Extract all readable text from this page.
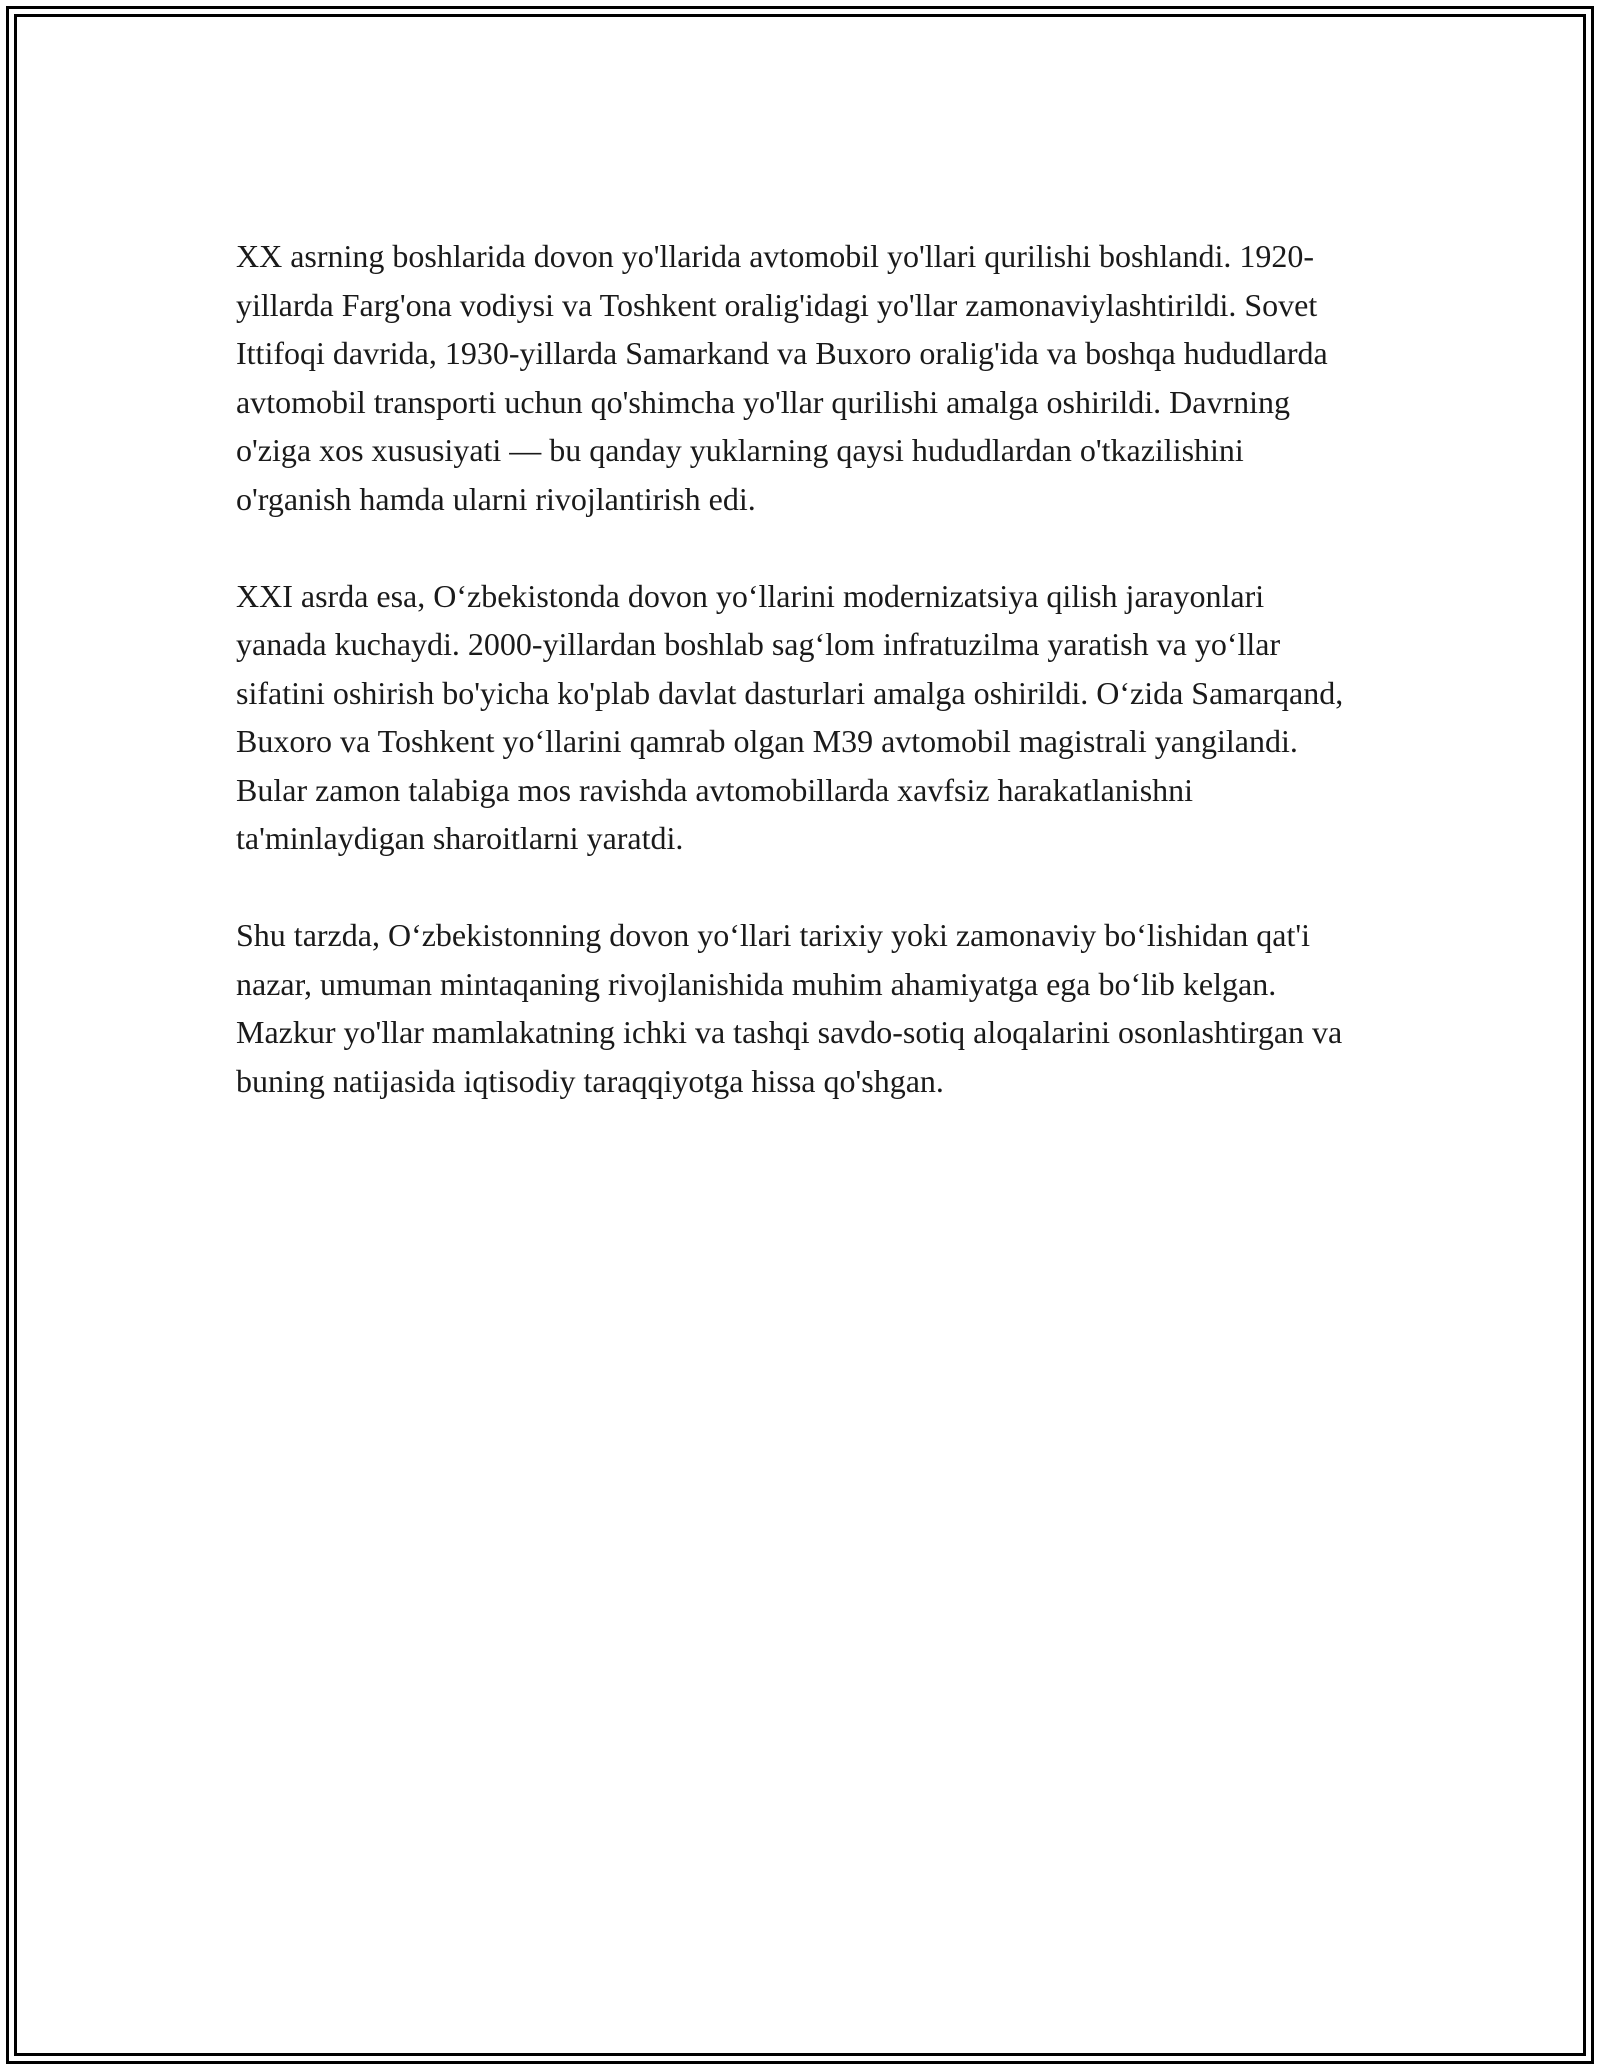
XX asrning boshlarida dovon yo'llarida avtomobil yo'llari qurilishi boshlandi. 1920-yillarda Farg'ona vodiysi va Toshkent oralig'idagi yo'llar zamonaviylashtirildi. Sovet Ittifoqi davrida, 1930-yillarda Samarkand va Buxoro oralig'ida va boshqa hududlarda avtomobil transporti uchun qo'shimcha yo'llar qurilishi amalga oshirildi. Davrning o'ziga xos xususiyati — bu qanday yuklarning qaysi hududlardan o'tkazilishini o'rganish hamda ularni rivojlantirish edi.

XXI asrda esa, O‘zbekistonda dovon yo‘llarini modernizatsiya qilish jarayonlari yanada kuchaydi. 2000-yillardan boshlab sag‘lom infratuzilma yaratish va yo‘llar sifatini oshirish bo'yicha ko'plab davlat dasturlari amalga oshirildi. O‘zida Samarqand, Buxoro va Toshkent yo‘llarini qamrab olgan M39 avtomobil magistrali yangilandi. Bular zamon talabiga mos ravishda avtomobillarda xavfsiz harakatlanishni ta'minlaydigan sharoitlarni yaratdi.

Shu tarzda, O‘zbekistonning dovon yo‘llari tarixiy yoki zamonaviy bo‘lishidan qat'i nazar, umuman mintaqaning rivojlanishida muhim ahamiyatga ega bo‘lib kelgan. Mazkur yo'llar mamlakatning ichki va tashqi savdo-sotiq aloqalarini osonlashtirgan va buning natijasida iqtisodiy taraqqiyotga hissa qo'shgan.
